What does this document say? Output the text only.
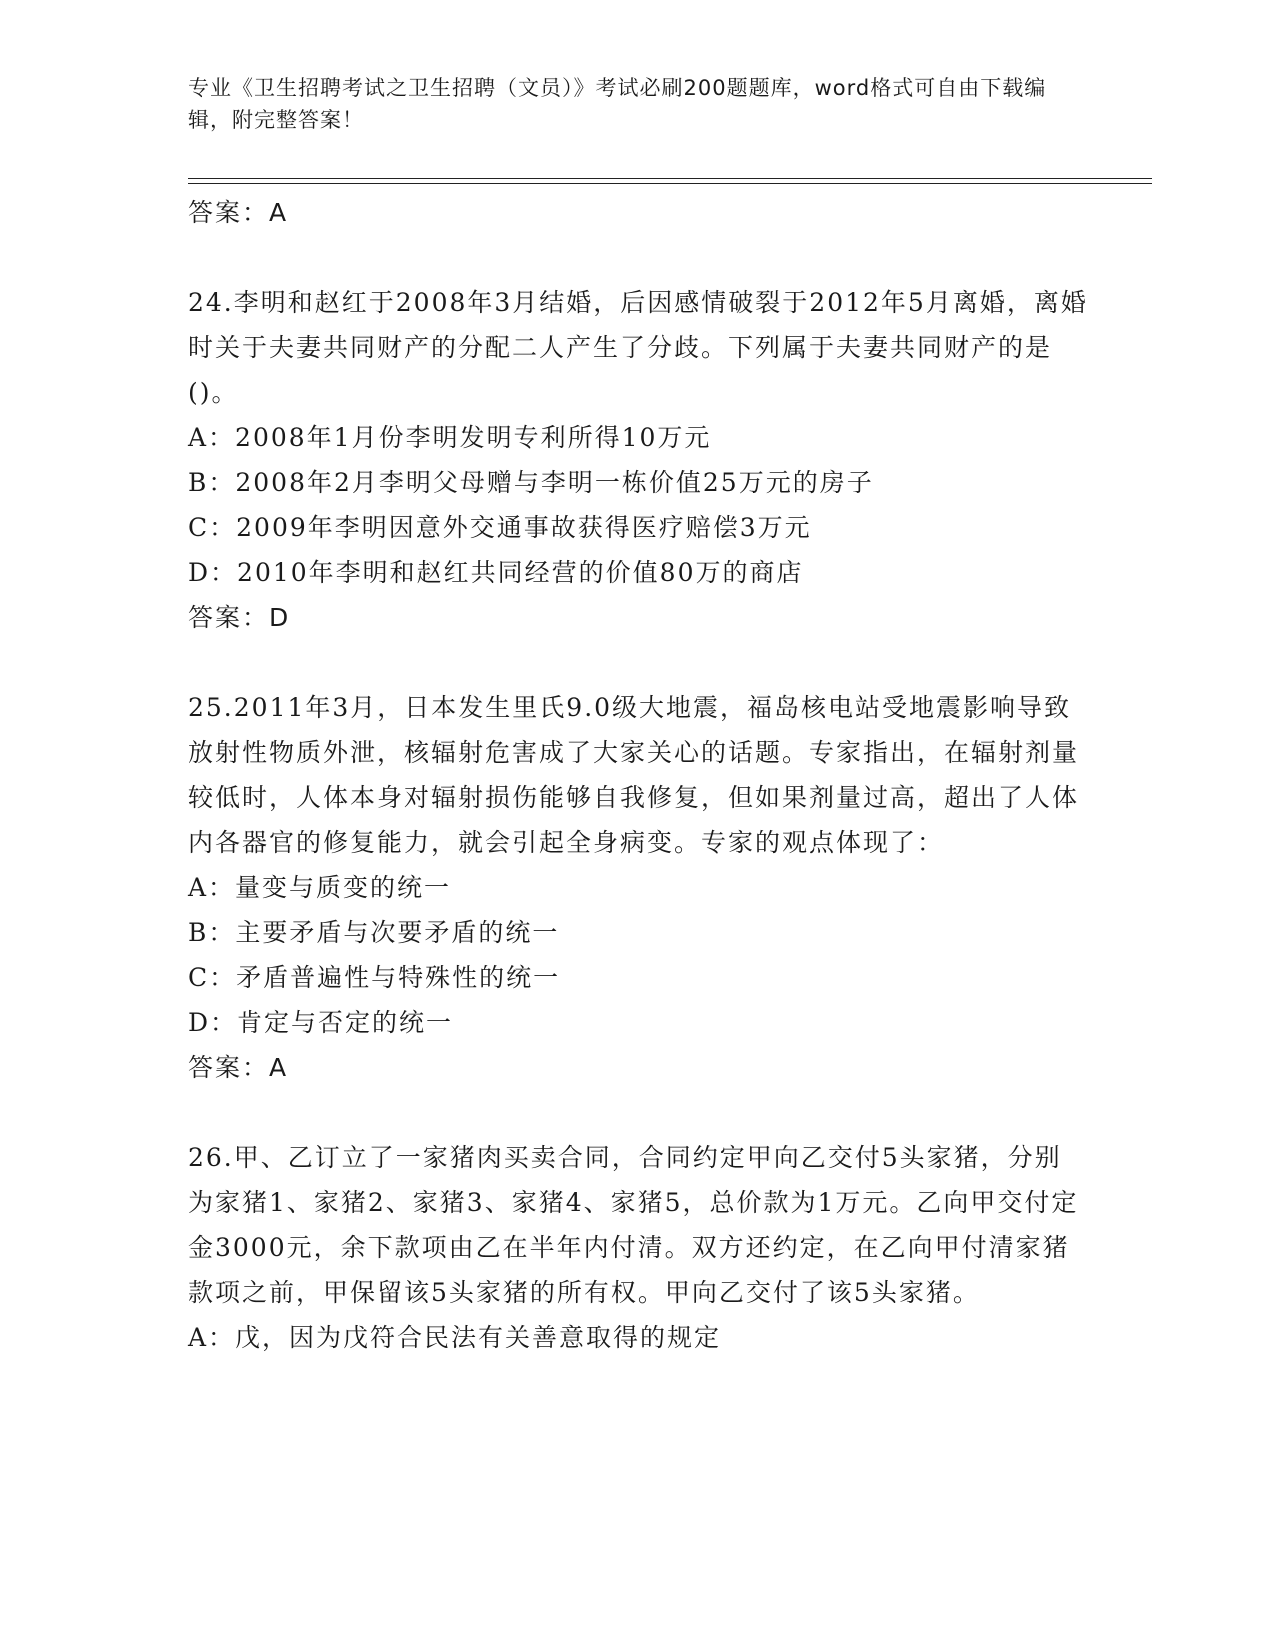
专业《卫生招聘考试之卫生招聘（文员）》考试必刷200题题库，word格式可自由下载编辑，附完整答案！

答案：A

24.李明和赵红于2008年3月结婚，后因感情破裂于2012年5月离婚，离婚时关于夫妻共同财产的分配二人产生了分歧。下列属于夫妻共同财产的是()。

A：2008年1月份李明发明专利所得10万元

B：2008年2月李明父母赠与李明一栋价值25万元的房子

C：2009年李明因意外交通事故获得医疗赔偿3万元

D：2010年李明和赵红共同经营的价值80万的商店

答案：D

25.2011年3月，日本发生里氏9.0级大地震，福岛核电站受地震影响导致放射性物质外泄，核辐射危害成了大家关心的话题。专家指出，在辐射剂量较低时，人体本身对辐射损伤能够自我修复，但如果剂量过高，超出了人体内各器官的修复能力，就会引起全身病变。专家的观点体现了：

A：量变与质变的统一

B：主要矛盾与次要矛盾的统一

C：矛盾普遍性与特殊性的统一

D：肯定与否定的统一

答案：A

26.甲、乙订立了一家猪肉买卖合同，合同约定甲向乙交付5头家猪，分别为家猪1、家猪2、家猪3、家猪4、家猪5，总价款为1万元。乙向甲交付定金3000元，余下款项由乙在半年内付清。双方还约定，在乙向甲付清家猪款项之前，甲保留该5头家猪的所有权。甲向乙交付了该5头家猪。

A：戊，因为戊符合民法有关善意取得的规定
